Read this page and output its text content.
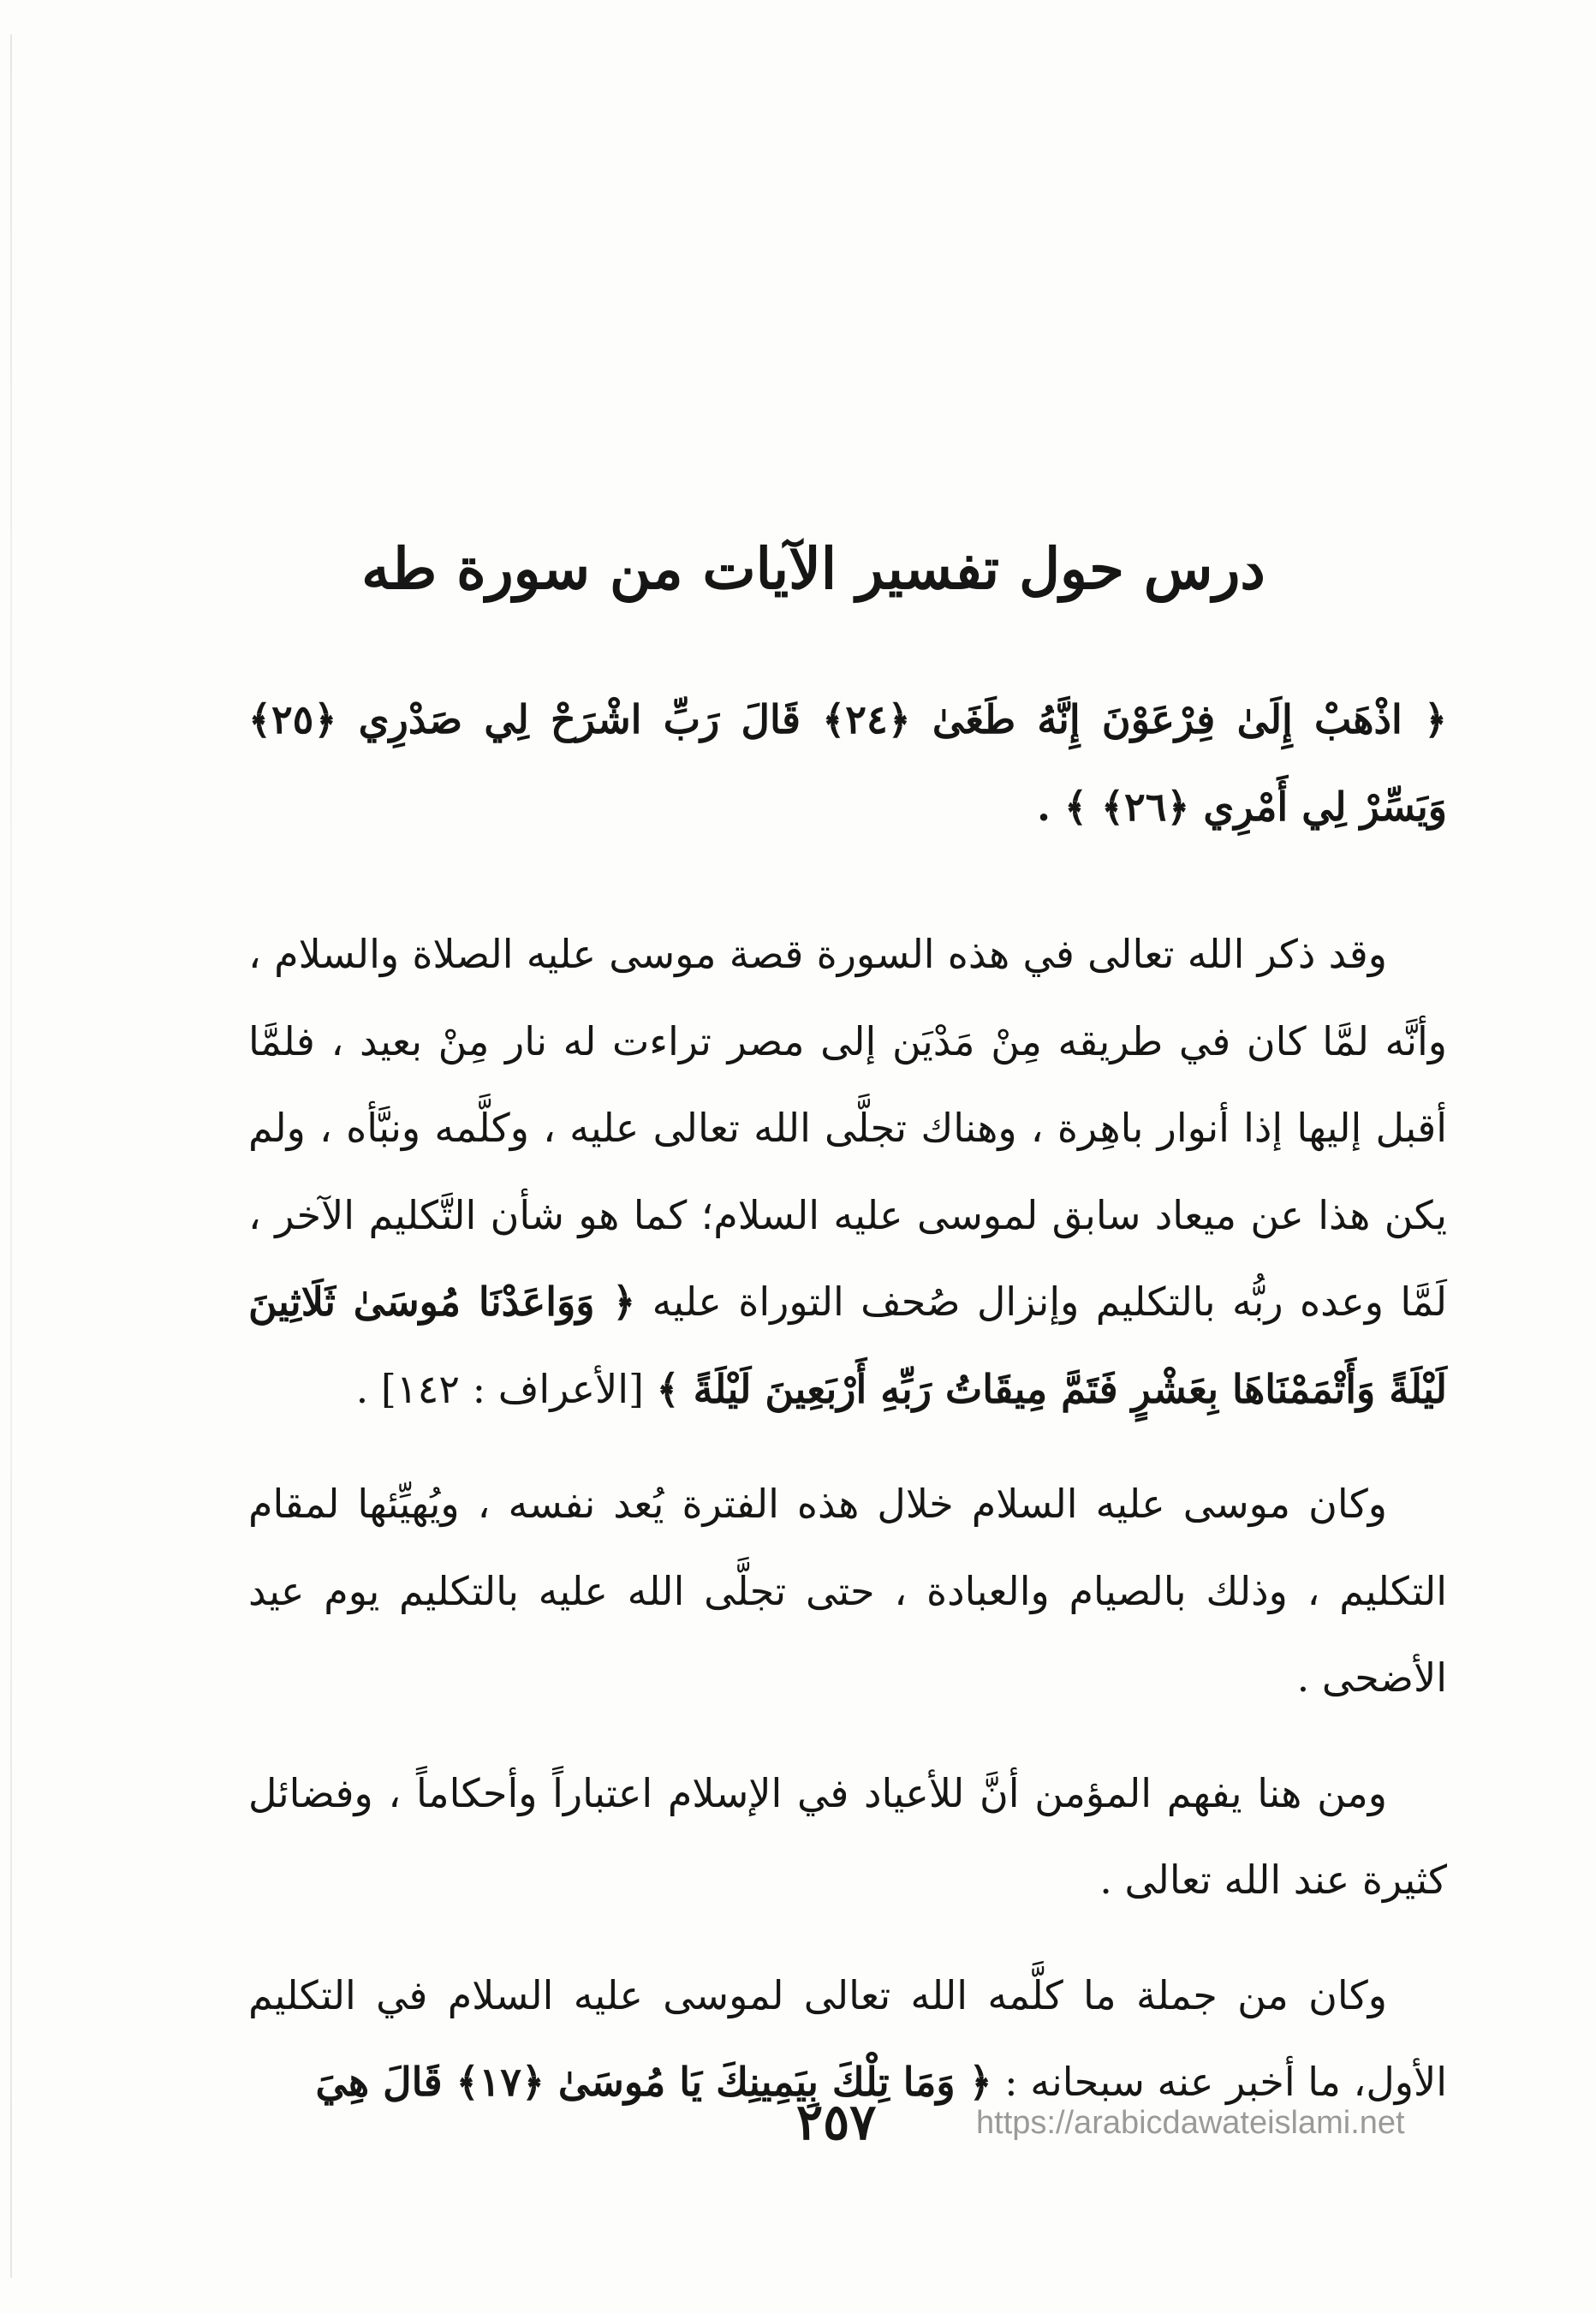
درس حول تفسير الآيات من سورة طه

﴿ اذْهَبْ إِلَىٰ فِرْعَوْنَ إِنَّهُ طَغَىٰ ﴿٢٤﴾ قَالَ رَبِّ اشْرَحْ لِي صَدْرِي ﴿٢٥﴾ وَيَسِّرْ لِي أَمْرِي ﴿٢٦﴾ ﴾ .

وقد ذكر الله تعالى في هذه السورة قصة موسى عليه الصلاة والسلام ، وأنَّه لمَّا كان في طريقه مِنْ مَدْيَن إلى مصر تراءت له نار مِنْ بعيد ، فلمَّا أقبل إليها إذا أنوار باهِرة ، وهناك تجلَّى الله تعالى عليه ، وكلَّمه ونبَّأه ، ولم يكن هذا عن ميعاد سابق لموسى عليه السلام؛ كما هو شأن التَّكليم الآخر ، لَمَّا وعده ربُّه بالتكليم وإنزال صُحف التوراة عليه ﴿ وَوَاعَدْنَا مُوسَىٰ ثَلَاثِينَ لَيْلَةً وَأَتْمَمْنَاهَا بِعَشْرٍ فَتَمَّ مِيقَاتُ رَبِّهِ أَرْبَعِينَ لَيْلَةً ﴾ [الأعراف : ١٤٢] .

وكان موسى عليه السلام خلال هذه الفترة يُعد نفسه ، ويُهيِّئها لمقام التكليم ، وذلك بالصيام والعبادة ، حتى تجلَّى الله عليه بالتكليم يوم عيد الأضحى .

ومن هنا يفهم المؤمن أنَّ للأعياد في الإسلام اعتباراً وأحكاماً ، وفضائل كثيرة عند الله تعالى .

وكان من جملة ما كلَّمه الله تعالى لموسى عليه السلام في التكليم الأول، ما أخبر عنه سبحانه : ﴿ وَمَا تِلْكَ بِيَمِينِكَ يَا مُوسَىٰ ﴿١٧﴾ قَالَ هِيَ

٢٥٧	https://arabicdawateislami.net
